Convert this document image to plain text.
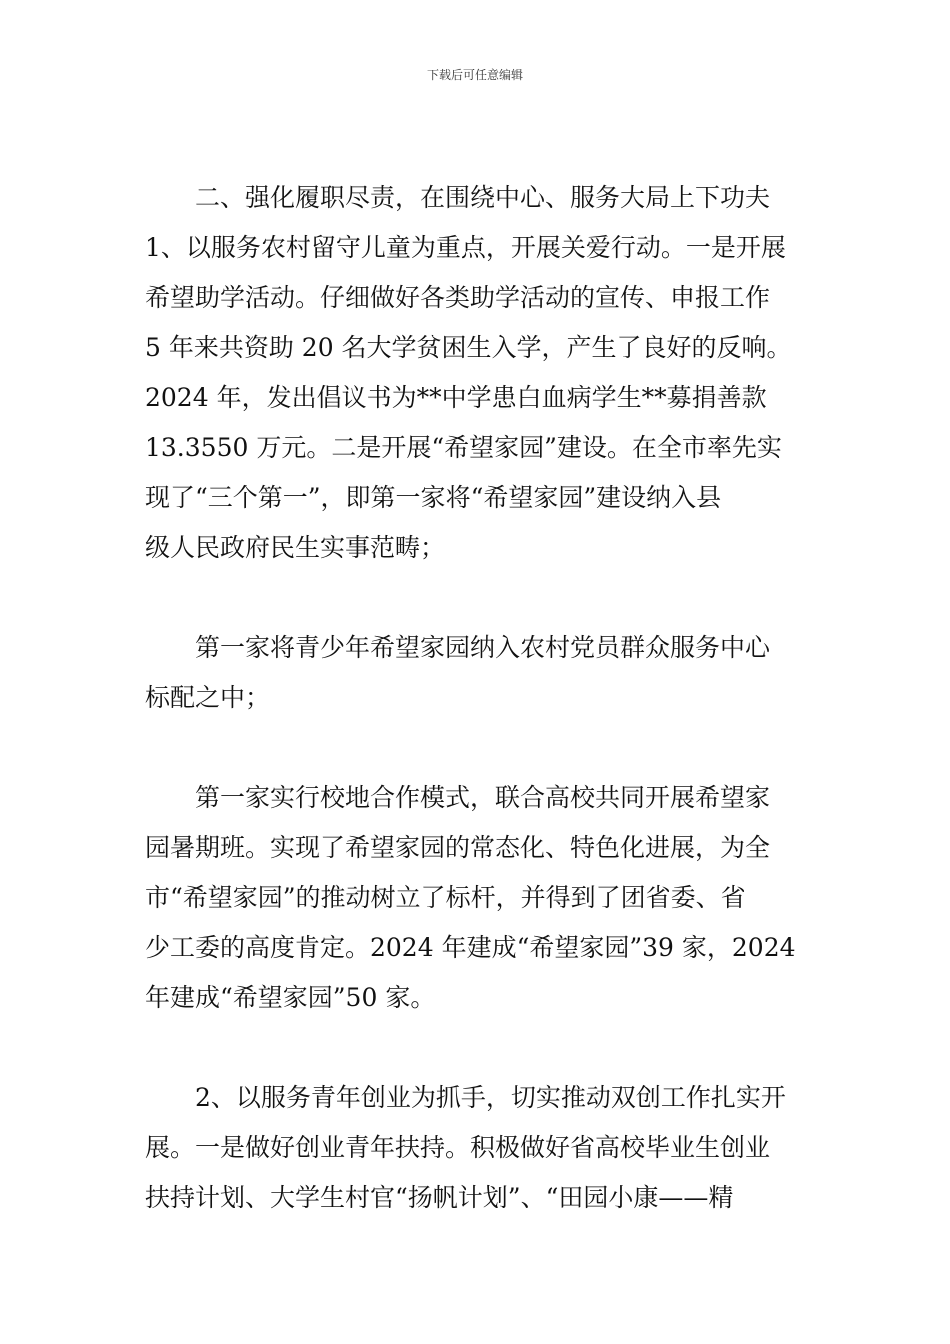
下载后可任意编辑
二、强化履职尽责，在围绕中心、服务大局上下功夫
1、以服务农村留守儿童为重点，开展关爱行动。一是开展
希望助学活动。仔细做好各类助学活动的宣传、申报工作
5 年来共资助 20 名大学贫困生入学，产生了良好的反响。
2024 年，发出倡议书为**中学患白血病学生**募捐善款
13.3550 万元。二是开展“希望家园”建设。在全市率先实
现了“三个第一”，即第一家将“希望家园”建设纳入县
级人民政府民生实事范畴；
第一家将青少年希望家园纳入农村党员群众服务中心
标配之中；
第一家实行校地合作模式，联合高校共同开展希望家
园暑期班。实现了希望家园的常态化、特色化进展，为全
市“希望家园”的推动树立了标杆，并得到了团省委、省
少工委的高度肯定。2024 年建成“希望家园”39 家，2024
年建成“希望家园”50 家。
2、以服务青年创业为抓手，切实推动双创工作扎实开
展。一是做好创业青年扶持。积极做好省高校毕业生创业
扶持计划、大学生村官“扬帆计划”、“田园小康——精
